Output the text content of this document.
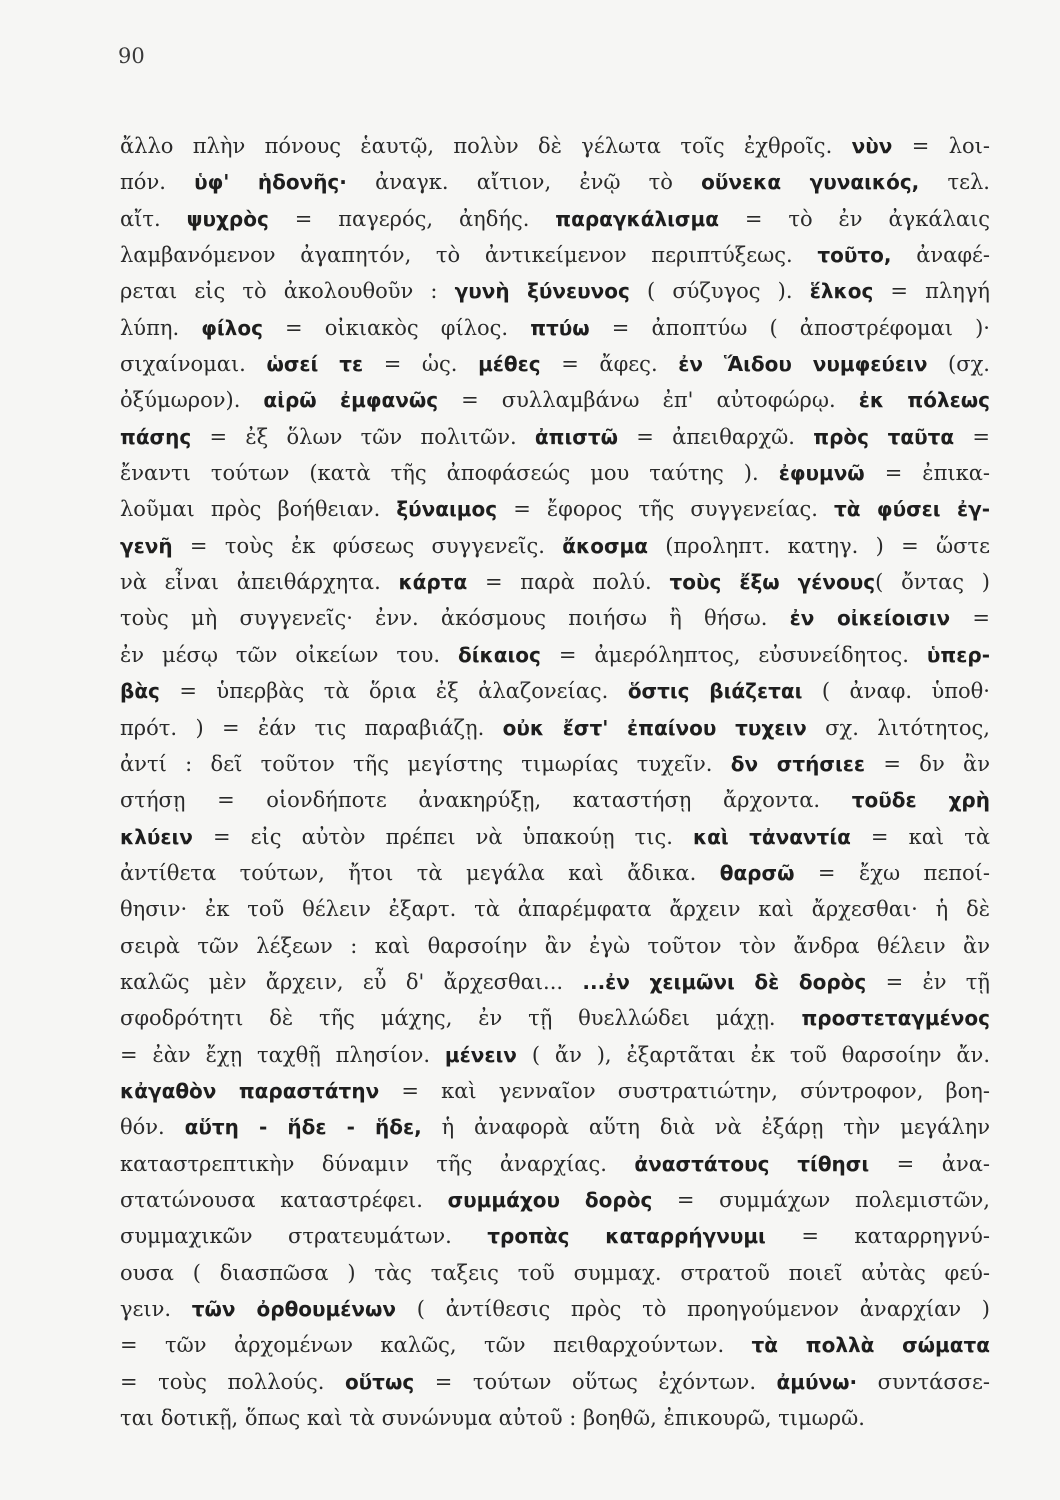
90
ἄλλο πλὴν πόνους ἑαυτῷ, πολὺν δὲ γέλωτα τοῖς ἐχθροῖς. νὺν = λοι-
πόν. ὑφ' ἡδονῆς· ἀναγκ. αἴτιον, ἐνῷ τὸ οὕνεκα γυναικός, τελ.
αἴτ. ψυχρὸς = παγερός, ἀηδής. παραγκάλισμα = τὸ ἐν ἀγκάλαις
λαμβανόμενον ἀγαπητόν, τὸ ἀντικείμενον περιπτύξεως. τοῦτο, ἀναφέ-
ρεται εἰς τὸ ἀκολουθοῦν : γυνὴ ξύνευνος ( σύζυγος ). ἕλκος = πληγή
λύπη. φίλος = οἰκιακὸς φίλος. πτύω = ἀποπτύω ( ἀποστρέφομαι )·
σιχαίνομαι. ὡσεί τε = ὡς. μέθες = ἄφες. ἐν Ἅιδου νυμφεύειν (σχ.
ὀξύμωρον). αἱρῶ ἐμφανῶς = συλλαμβάνω ἐπ' αὐτοφώρῳ. ἐκ πόλεως
πάσης = ἐξ ὅλων τῶν πολιτῶν. ἀπιστῶ = ἀπειθαρχῶ. πρὸς ταῦτα =
ἔναντι τούτων (κατὰ τῆς ἀποφάσεώς μου ταύτης ). ἐφυμνῶ = ἐπικα-
λοῦμαι πρὸς βοήθειαν. ξύναιμος = ἔφορος τῆς συγγενείας. τὰ φύσει ἐγ-
γενῆ = τοὺς ἐκ φύσεως συγγενεῖς. ἄκοσμα (προληπτ. κατηγ. ) = ὥστε
νὰ εἶναι ἀπειθάρχητα. κάρτα = παρὰ πολύ. τοὺς ἔξω γένους( ὄντας )
τοὺς μὴ συγγενεῖς· ἐνν. ἀκόσμους ποιήσω ἢ θήσω. ἐν οἰκείοισιν =
ἐν μέσῳ τῶν οἰκείων του. δίκαιος = ἀμερόληπτος, εὐσυνείδητος. ὑπερ-
βὰς = ὑπερβὰς τὰ ὅρια ἐξ ἀλαζονείας. ὅστις βιάζεται ( ἀναφ. ὑποθ·
πρότ. ) = ἐάν τις παραβιάζῃ. οὐκ ἔστ' ἐπαίνου τυχειν σχ. λιτότητος,
ἀντί : δεῖ τοῦτον τῆς μεγίστης τιμωρίας τυχεῖν. δν στήσιεε = δν ἂν
στήσῃ = οἱονδήποτε ἀνακηρύξῃ, καταστήσῃ ἄρχοντα. τοῦδε χρὴ
κλύειν = εἰς αὐτὸν πρέπει νὰ ὑπακούῃ τις. καὶ τἀναντία = καὶ τὰ
ἀντίθετα τούτων, ἤτοι τὰ μεγάλα καὶ ἄδικα. θαρσῶ = ἔχω πεποί-
θησιν· ἐκ τοῦ θέλειν ἐξαρτ. τὰ ἀπαρέμφατα ἄρχειν καὶ ἄρχεσθαι· ἡ δὲ
σειρὰ τῶν λέξεων : καὶ θαρσοίην ἂν ἐγὼ τοῦτον τὸν ἄνδρα θέλειν ἂν
καλῶς μὲν ἄρχειν, εὖ δ' ἄρχεσθαι... ...ἐν χειμῶνι δὲ δορὸς = ἐν τῇ
σφοδρότητι δὲ τῆς μάχης, ἐν τῇ θυελλώδει μάχῃ. προστεταγμένος
= ἐὰν ἔχῃ ταχθῇ πλησίον. μένειν ( ἄν ), ἐξαρτᾶται ἐκ τοῦ θαρσοίην ἄν.
κἀγαθὸν παραστάτην = καὶ γενναῖον συστρατιώτην, σύντροφον, βοη-
θόν. αὕτη - ἥδε - ἥδε, ἡ ἀναφορὰ αὕτη διὰ νὰ ἐξάρῃ τὴν μεγάλην
καταστρεπτικὴν δύναμιν τῆς ἀναρχίας. ἀναστάτους τίθησι = ἀνα-
στατώνουσα καταστρέφει. συμμάχου δορὸς = συμμάχων πολεμιστῶν,
συμμαχικῶν στρατευμάτων. τροπὰς καταρρήγνυμι = καταρρηγνύ-
ουσα ( διασπῶσα ) τὰς ταξεις τοῦ συμμαχ. στρατοῦ ποιεῖ αὐτὰς φεύ-
γειν. τῶν ὀρθουμένων ( ἀντίθεσις πρὸς τὸ προηγούμενον ἀναρχίαν )
= τῶν ἀρχομένων καλῶς, τῶν πειθαρχούντων. τὰ πολλὰ σώματα
= τοὺς πολλούς. οὕτως = τούτων οὕτως ἐχόντων. ἀμύνω· συντάσσε-
ται δοτικῇ, ὅπως καὶ τὰ συνώνυμα αὐτοῦ : βοηθῶ, ἐπικουρῶ, τιμωρῶ.
